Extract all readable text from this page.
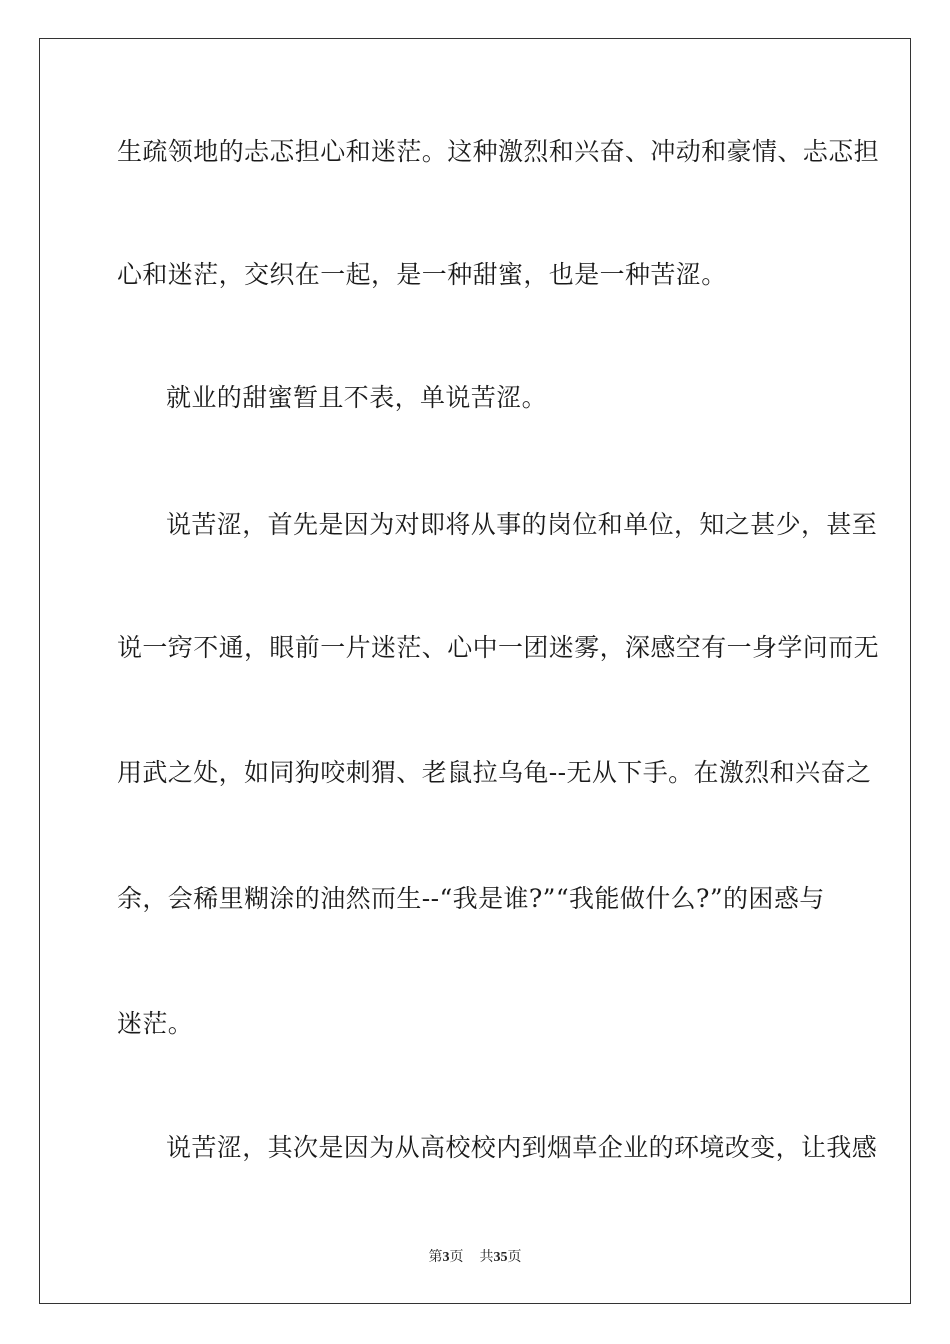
生疏领地的忐忑担心和迷茫。这种激烈和兴奋、冲动和豪情、忐忑担
心和迷茫，交织在一起，是一种甜蜜，也是一种苦涩。
就业的甜蜜暂且不表，单说苦涩。
说苦涩，首先是因为对即将从事的岗位和单位，知之甚少，甚至
说一窍不通，眼前一片迷茫、心中一团迷雾，深感空有一身学问而无
用武之处，如同狗咬刺猬、老鼠拉乌龟--无从下手。在激烈和兴奋之
余，会稀里糊涂的油然而生--“我是谁?”“我能做什么?”的困惑与
迷茫。
说苦涩，其次是因为从高校校内到烟草企业的环境改变，让我感
第3页 共35页
